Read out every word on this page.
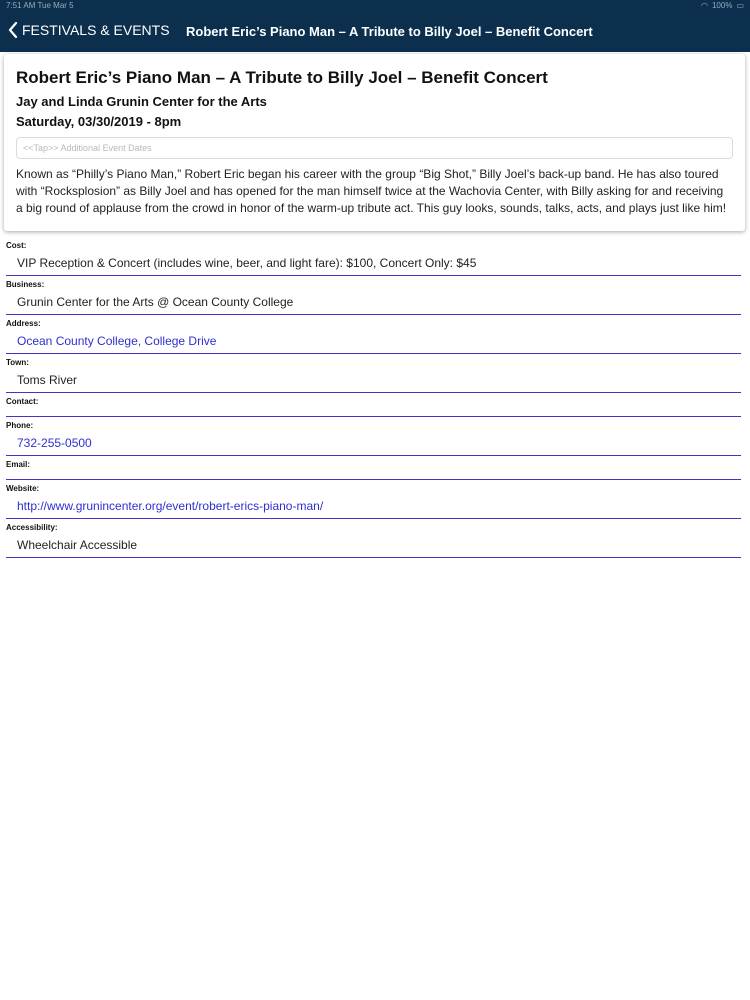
7:51 AM Tue Mar 5	◠ 100% ▭
FESTIVALS & EVENTS Robert Eric’s Piano Man – A Tribute to Billy Joel – Benefit Concert
Robert Eric’s Piano Man – A Tribute to Billy Joel – Benefit Concert
Jay and Linda Grunin Center for the Arts
Saturday, 03/30/2019 - 8pm
<<Tap>> Additional Event Dates
Known as “Philly’s Piano Man,” Robert Eric began his career with the group “Big Shot,” Billy Joel’s back-up band. He has also toured with “Rocksplosion” as Billy Joel and has opened for the man himself twice at the Wachovia Center, with Billy asking for and receiving a big round of applause from the crowd in honor of the warm-up tribute act. This guy looks, sounds, talks, acts, and plays just like him!
Cost:
VIP Reception & Concert (includes wine, beer, and light fare): $100, Concert Only: $45
Business:
Grunin Center for the Arts @ Ocean County College
Address:
Ocean County College, College Drive
Town:
Toms River
Contact:
Phone:
732-255-0500
Email:
Website:
http://www.grunincenter.org/event/robert-erics-piano-man/
Accessibility:
Wheelchair Accessible
